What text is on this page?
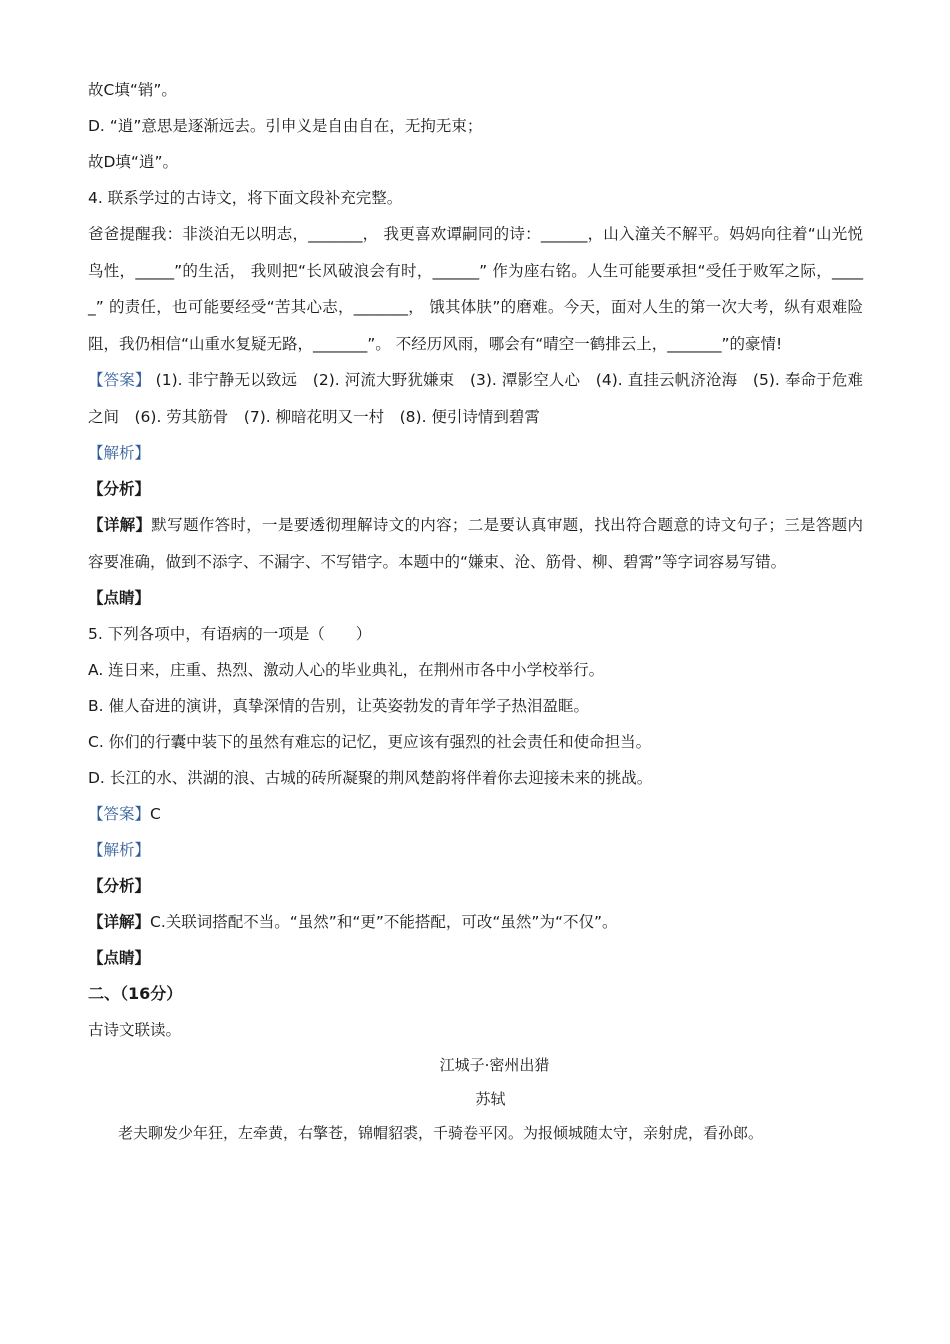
故C填“销”。
D. “逍”意思是逐渐远去。引申义是自由自在，无拘无束；
故D填“逍”。
4. 联系学过的古诗文，将下面文段补充完整。
爸爸提醒我：非淡泊无以明志，_______， 我更喜欢谭嗣同的诗：______，山入潼关不解平。妈妈向往着“山光悦鸟性，_____”的生活， 我则把“长风破浪会有时，______” 作为座右铭。人生可能要承担“受任于败军之际，_____” 的责任，也可能要经受“苦其心志，_______， 饿其体肤”的磨难。今天，面对人生的第一次大考，纵有艰难险阻，我仍相信“山重水复疑无路，_______”。 不经历风雨，哪会有“晴空一鹤排云上，_______”的豪情!
【答案】 (1). 非宁静无以致远　(2). 河流大野犹嫌束　(3). 潭影空人心　(4). 直挂云帆济沧海　(5). 奉命于危难之间　(6). 劳其筋骨　(7). 柳暗花明又一村　(8). 便引诗情到碧霄
【解析】
【分析】
【详解】默写题作答时，一是要透彻理解诗文的内容；二是要认真审题，找出符合题意的诗文句子；三是答题内容要准确，做到不添字、不漏字、不写错字。本题中的“嫌束、沧、筋骨、柳、碧霄”等字词容易写错。
【点睛】
5. 下列各项中，有语病的一项是（　　）
A. 连日来，庄重、热烈、激动人心的毕业典礼，在荆州市各中小学校举行。
B. 催人奋进的演讲，真挚深情的告别，让英姿勃发的青年学子热泪盈眶。
C. 你们的行囊中装下的虽然有难忘的记忆，更应该有强烈的社会责任和使命担当。
D. 长江的水、洪湖的浪、古城的砖所凝聚的荆风楚韵将伴着你去迎接未来的挑战。
【答案】C
【解析】
【分析】
【详解】C.关联词搭配不当。“虽然”和“更”不能搭配，可改“虽然”为“不仅”。
【点睛】
二、（16分）
古诗文联读。
江城子·密州出猎
苏轼
老夫聊发少年狂，左牵黄，右擎苍，锦帽貂裘，千骑卷平冈。为报倾城随太守，亲射虎，看孙郎。
